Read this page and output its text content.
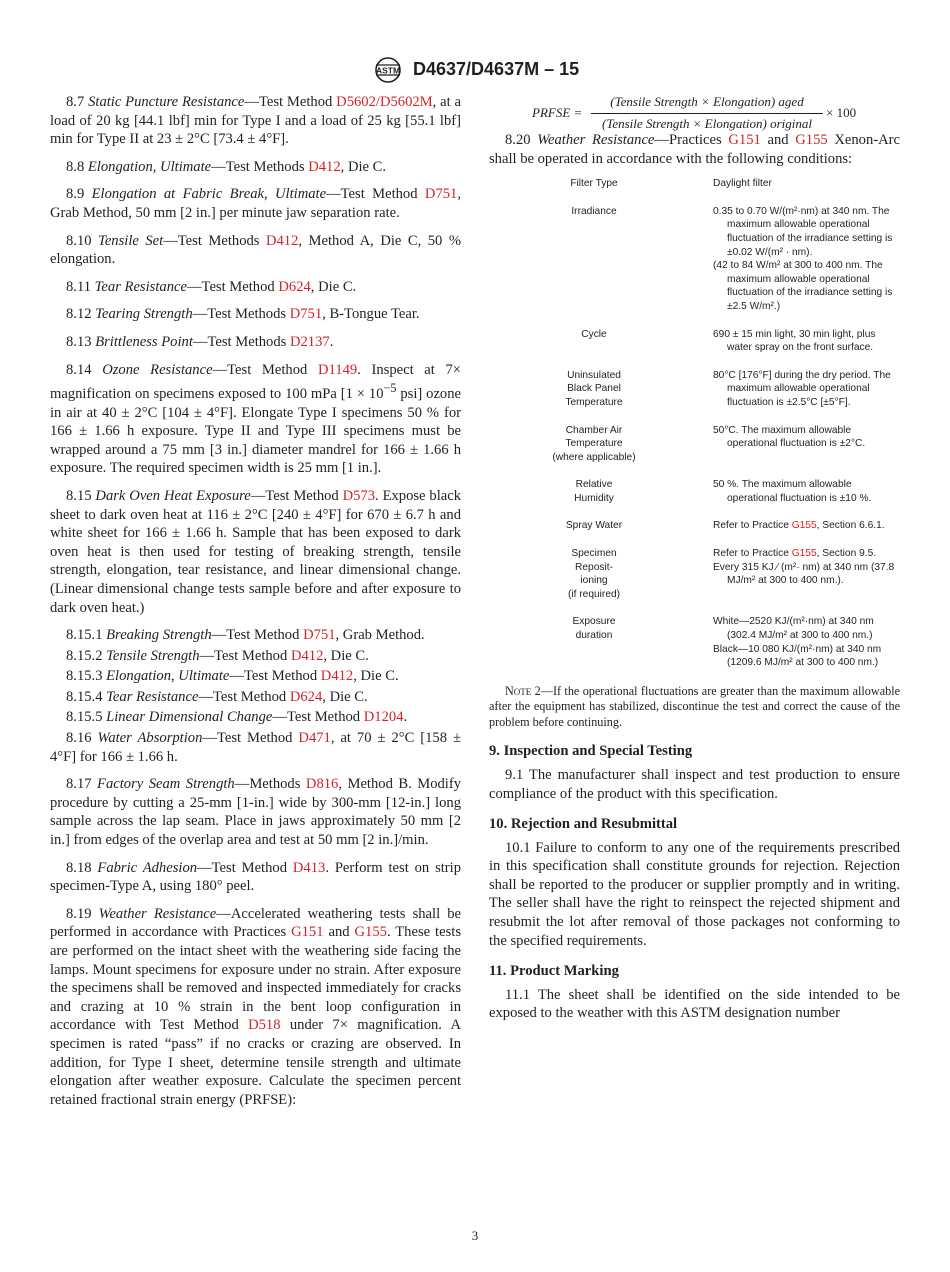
ASTM D4637/D4637M – 15

8.7 Static Puncture Resistance—Test Method D5602/D5602M, at a load of 20 kg [44.1 lbf] min for Type I and a load of 25 kg [55.1 lbf] min for Type II at 23 ± 2°C [73.4 ± 4°F].

8.8 Elongation, Ultimate—Test Methods D412, Die C.

8.9 Elongation at Fabric Break, Ultimate—Test Method D751, Grab Method, 50 mm [2 in.] per minute jaw separation rate.

8.10 Tensile Set—Test Methods D412, Method A, Die C, 50 % elongation.

8.11 Tear Resistance—Test Method D624, Die C.

8.12 Tearing Strength—Test Methods D751, B-Tongue Tear.

8.13 Brittleness Point—Test Methods D2137.

8.14 Ozone Resistance—Test Method D1149. Inspect at 7× magnification on specimens exposed to 100 mPa [$1 \times 10^{-5}$ psi] ozone in air at 40 ± 2°C [104 ± 4°F]. Elongate Type I specimens 50 % for 166 ± 1.66 h exposure. Type II and Type III specimens must be wrapped around a 75 mm [3 in.] diameter mandrel for 166 ± 1.66 h exposure. The required specimen width is 25 mm [1 in.].

8.15 Dark Oven Heat Exposure—Test Method D573. Expose black sheet to dark oven heat at 116 ± 2°C [240 ± 4°F] for 670 ± 6.7 h and white sheet for 166 ± 1.66 h. Sample that has been exposed to dark oven heat is then used for testing of breaking strength, tensile strength, elongation, tear resistance, and linear dimensional change. (Linear dimensional change tests sample before and after exposure to dark oven heat.)

8.15.1 Breaking Strength—Test Method D751, Grab Method.

8.15.2 Tensile Strength—Test Method D412, Die C.

8.15.3 Elongation, Ultimate—Test Method D412, Die C.

8.15.4 Tear Resistance—Test Method D624, Die C.

8.15.5 Linear Dimensional Change—Test Method D1204.

8.16 Water Absorption—Test Method D471, at 70 ± 2°C [158 ± 4°F] for 166 ± 1.66 h.

8.17 Factory Seam Strength—Methods D816, Method B. Modify procedure by cutting a 25-mm [1-in.] wide by 300-mm [12-in.] long sample across the lap seam. Place in jaws approximately 50 mm [2 in.] from edges of the overlap area and test at 50 mm [2 in.]/min.

8.18 Fabric Adhesion—Test Method D413. Perform test on strip specimen-Type A, using 180° peel.

8.19 Weather Resistance—Accelerated weathering tests shall be performed in accordance with Practices G151 and G155. These tests are performed on the intact sheet with the weathering side facing the lamps. Mount specimens for exposure under no strain. After exposure the specimens shall be removed and inspected immediately for cracks and crazing at 10 % strain in the bent loop configuration in accordance with Test Method D518 under 7× magnification. A specimen is rated “pass” if no cracks or crazing are observed. In addition, for Type I sheet, determine tensile strength and ultimate elongation after weather exposure. Calculate the specimen percent retained fractional strain energy (PRFSE):

PRFSE =
(Tensile Strength × Elongation) aged
(Tensile Strength × Elongation) original
× 100

8.20 Weather Resistance—Practices G151 and G155 Xenon-Arc shall be operated in accordance with the following conditions:

Filter Type	Daylight filter

Irradiance	0.35 to 0.70 W/(m²·nm) at 340 nm. The maximum allowable operational fluctuation of the irradiance setting is ±0.02 W/(m² · nm).
(42 to 84 W/m² at 300 to 400 nm. The maximum allowable operational fluctuation of the irradiance setting is ±2.5 W/m².)

Cycle	690 ± 15 min light, 30 min light, plus water spray on the front surface.

Uninsulated
Black Panel
Temperature	80°C [176°F] during the dry period. The maximum allowable operational fluctuation is ±2.5°C [±5°F].

Chamber Air
Temperature
(where applicable)	50°C. The maximum allowable operational fluctuation is ±2°C.

Relative
Humidity	50 %. The maximum allowable operational fluctuation is ±10 %.

Spray Water	Refer to Practice G155, Section 6.6.1.

Specimen
Reposit-
ioning
(if required)	Refer to Practice G155, Section 9.5.
Every 315 KJ ⁄ (m²· nm) at 340 nm (37.8 MJ/m² at 300 to 400 nm.).

Exposure
duration	White—2520 KJ/(m²·nm) at 340 nm (302.4 MJ/m² at 300 to 400 nm.)
Black—10 080 KJ/(m²·nm) at 340 nm (1209.6 MJ/m² at 300 to 400 nm.)

Note 2—If the operational fluctuations are greater than the maximum allowable after the equipment has stabilized, discontinue the test and correct the cause of the problem before continuing.

9. Inspection and Special Testing

9.1 The manufacturer shall inspect and test production to ensure compliance of the product with this specification.

10. Rejection and Resubmittal

10.1 Failure to conform to any one of the requirements prescribed in this specification shall constitute grounds for rejection. Rejection shall be reported to the producer or supplier promptly and in writing. The seller shall have the right to reinspect the rejected shipment and resubmit the lot after removal of those packages not conforming to the specified requirements.

11. Product Marking

11.1 The sheet shall be identified on the side intended to be exposed to the weather with this ASTM designation number

3
